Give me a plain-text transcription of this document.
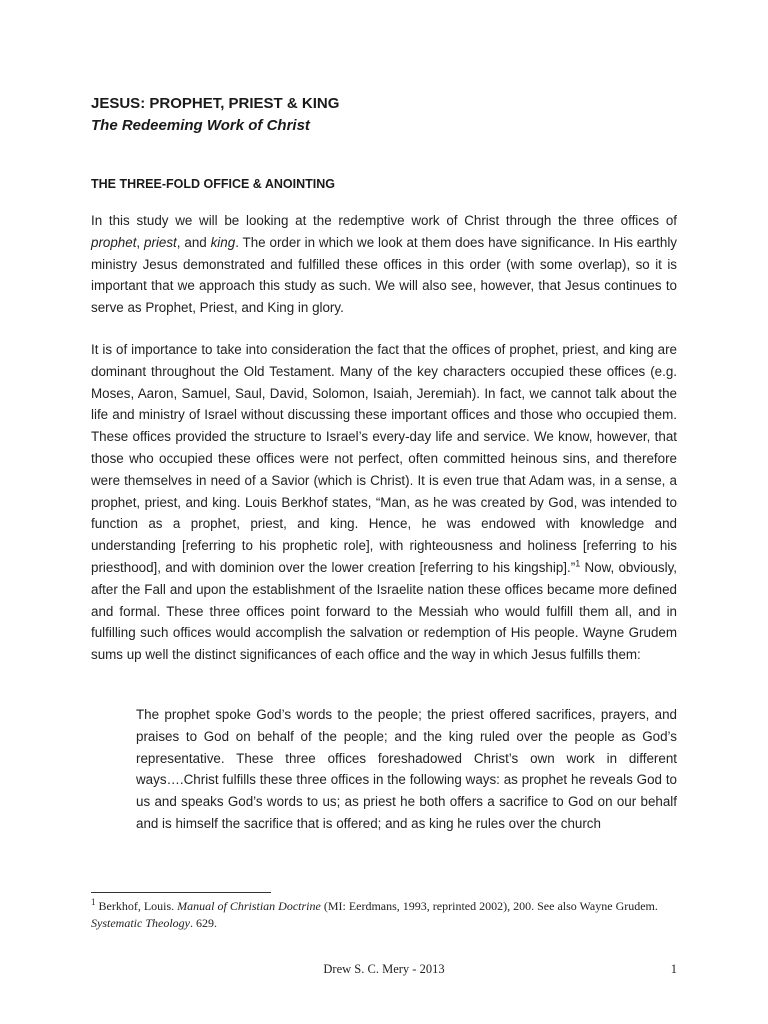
JESUS: PROPHET, PRIEST & KING
The Redeeming Work of Christ
THE THREE-FOLD OFFICE & ANOINTING

In this study we will be looking at the redemptive work of Christ through the three offices of prophet, priest, and king. The order in which we look at them does have significance. In His earthly ministry Jesus demonstrated and fulfilled these offices in this order (with some overlap), so it is important that we approach this study as such. We will also see, however, that Jesus continues to serve as Prophet, Priest, and King in glory.

It is of importance to take into consideration the fact that the offices of prophet, priest, and king are dominant throughout the Old Testament. Many of the key characters occupied these offices (e.g. Moses, Aaron, Samuel, Saul, David, Solomon, Isaiah, Jeremiah). In fact, we cannot talk about the life and ministry of Israel without discussing these important offices and those who occupied them. These offices provided the structure to Israel’s every-day life and service. We know, however, that those who occupied these offices were not perfect, often committed heinous sins, and therefore were themselves in need of a Savior (which is Christ). It is even true that Adam was, in a sense, a prophet, priest, and king. Louis Berkhof states, “Man, as he was created by God, was intended to function as a prophet, priest, and king. Hence, he was endowed with knowledge and understanding [referring to his prophetic role], with righteousness and holiness [referring to his priesthood], and with dominion over the lower creation [referring to his kingship].”$^1$ Now, obviously, after the Fall and upon the establishment of the Israelite nation these offices became more defined and formal. These three offices point forward to the Messiah who would fulfill them all, and in fulfilling such offices would accomplish the salvation or redemption of His people. Wayne Grudem sums up well the distinct significances of each office and the way in which Jesus fulfills them:

The prophet spoke God’s words to the people; the priest offered sacrifices, prayers, and praises to God on behalf of the people; and the king ruled over the people as God’s representative. These three offices foreshadowed Christ’s own work in different ways….Christ fulfills these three offices in the following ways: as prophet he reveals God to us and speaks God’s words to us; as priest he both offers a sacrifice to God on our behalf and is himself the sacrifice that is offered; and as king he rules over the church

$^1$ Berkhof, Louis. Manual of Christian Doctrine (MI: Eerdmans, 1993, reprinted 2002), 200. See also Wayne Grudem. Systematic Theology. 629.

Drew S. C. Mery - 2013	1
